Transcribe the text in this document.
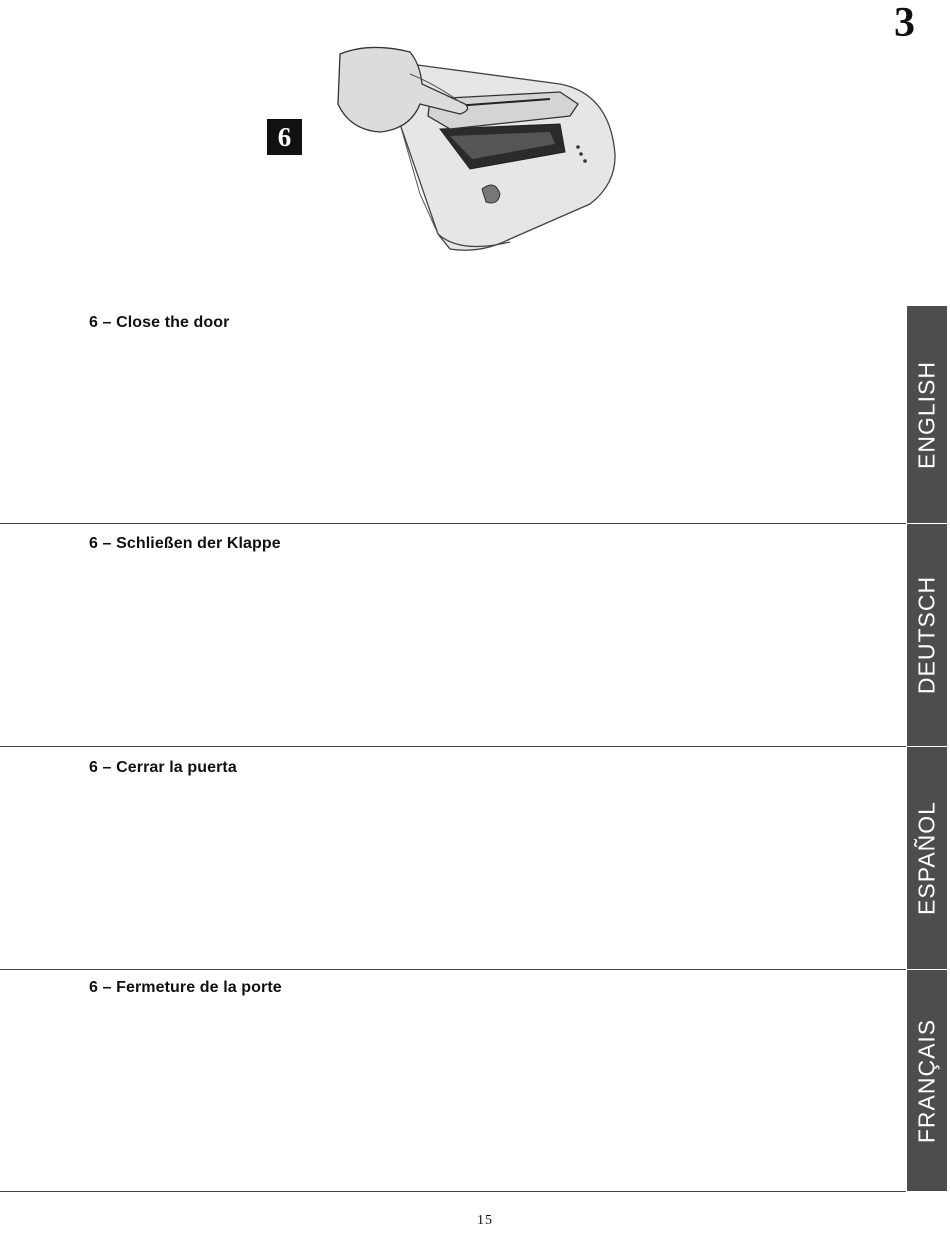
3
6
6 – Close the door
ENGLISH
6 – Schließen der Klappe
DEUTSCH
6 – Cerrar la puerta
ESPAÑOL
6 – Fermeture de la porte
FRANÇAIS
15
